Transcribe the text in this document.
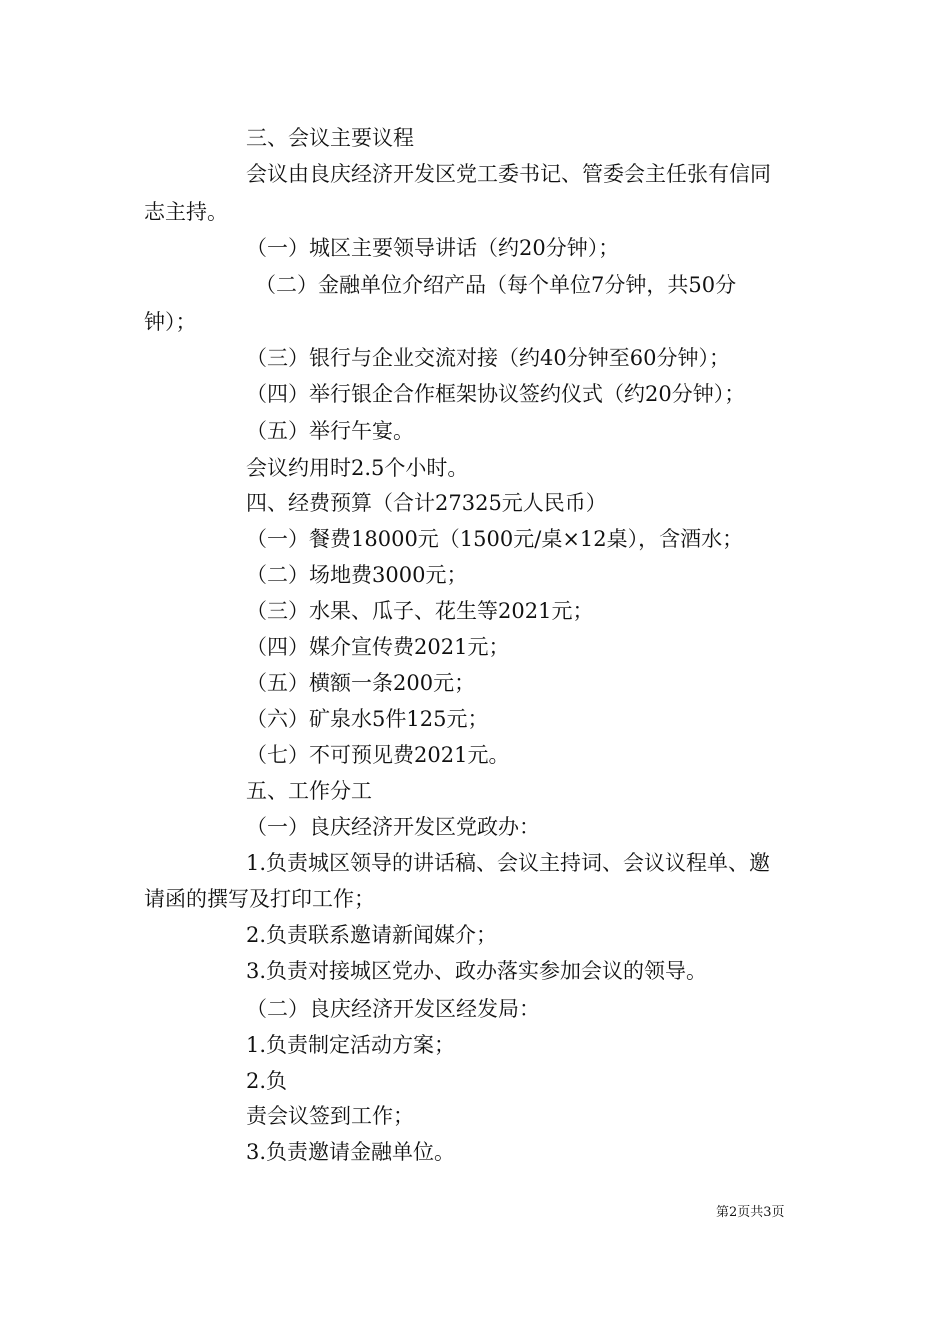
三、会议主要议程
会议由良庆经济开发区党工委书记、管委会主任张有信同
志主持。
（一）城区主要领导讲话（约20分钟）；
（二）金融单位介绍产品（每个单位7分钟，共50分
钟）；
（三）银行与企业交流对接（约40分钟至60分钟）；
（四）举行银企合作框架协议签约仪式（约20分钟）；
（五）举行午宴。
会议约用时2.5个小时。
四、经费预算（合计27325元人民币）
（一）餐费18000元（1500元/桌×12桌），含酒水；
（二）场地费3000元；
（三）水果、瓜子、花生等2021元；
（四）媒介宣传费2021元；
（五）横额一条200元；
（六）矿泉水5件125元；
（七）不可预见费2021元。
五、工作分工
（一）良庆经济开发区党政办：
1.负责城区领导的讲话稿、会议主持词、会议议程单、邀
请函的撰写及打印工作；
2.负责联系邀请新闻媒介；
3.负责对接城区党办、政办落实参加会议的领导。
（二）良庆经济开发区经发局：
1.负责制定活动方案；
2.负
责会议签到工作；
3.负责邀请金融单位。
第2页共3页
